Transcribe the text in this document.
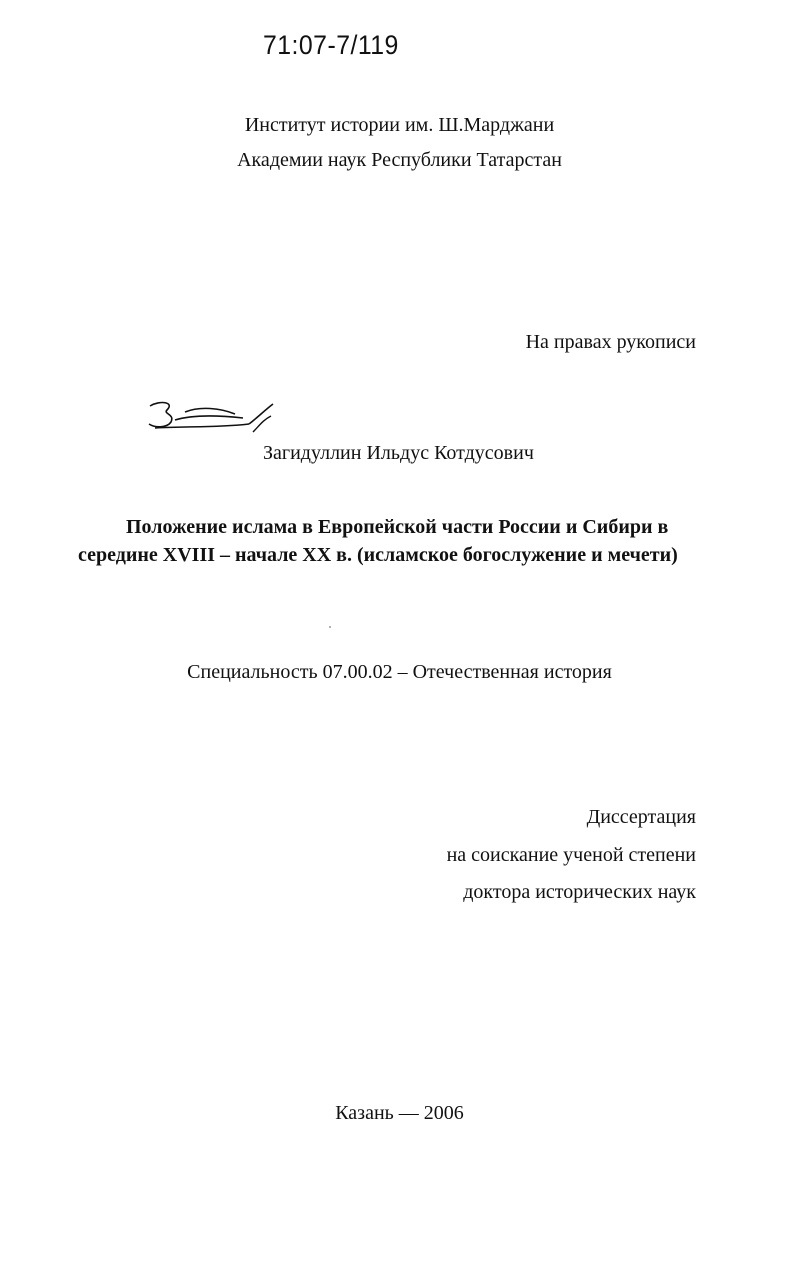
71:07-7/119
Институт истории им. Ш.Марджани
Академии наук Республики Татарстан
На правах рукописи
Загидуллин Ильдус Котдусович
Положение ислама в Европейской части России и Сибири в
середине XVIII – начале XX в. (исламское богослужение и мечети)
Специальность 07.00.02 – Отечественная история
Диссертация
на соискание ученой степени
доктора исторических наук
Казань — 2006
